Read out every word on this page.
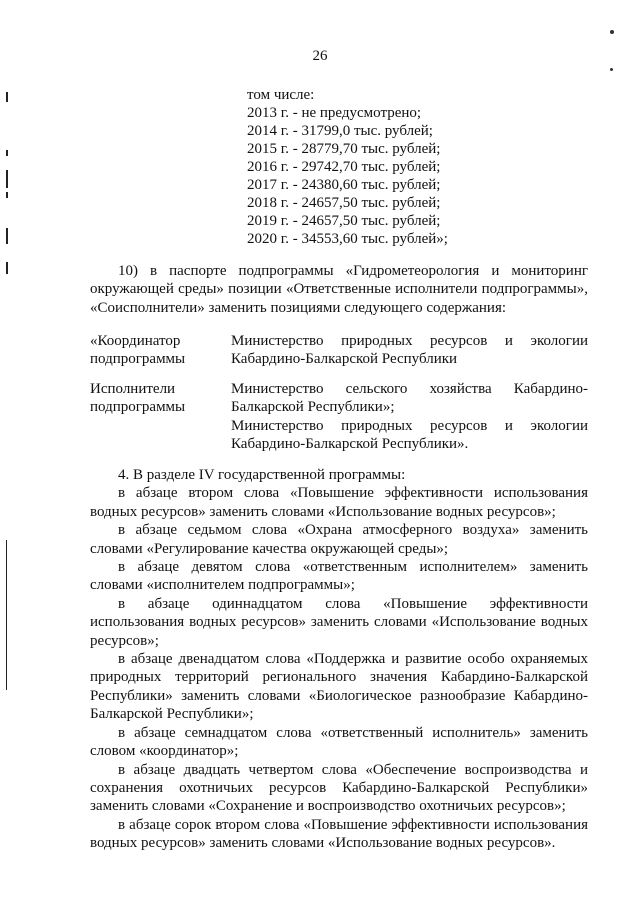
26
том числе:
2013 г. - не предусмотрено;
2014 г. - 31799,0 тыс. рублей;
2015 г. - 28779,70 тыс. рублей;
2016 г. - 29742,70 тыс. рублей;
2017 г. - 24380,60 тыс. рублей;
2018 г. - 24657,50 тыс. рублей;
2019 г. - 24657,50 тыс. рублей;
2020 г. - 34553,60 тыс. рублей»;

10) в паспорте подпрограммы «Гидрометеорология и мониторинг окружающей среды» позиции «Ответственные исполнители подпрограммы», «Соисполнители» заменить позициями следующего содержания:

«Координатор подпрограммы
Министерство природных ресурсов и экологии Кабардино-Балкарской Республики
Исполнители подпрограммы
Министерство сельского хозяйства Кабардино-Балкарской Республики»;
Министерство природных ресурсов и экологии Кабардино-Балкарской Республики».

4. В разделе IV государственной программы:

в абзаце втором слова «Повышение эффективности использования водных ресурсов» заменить словами «Использование водных ресурсов»;

в абзаце седьмом слова «Охрана атмосферного воздуха» заменить словами «Регулирование качества окружающей среды»;

в абзаце девятом слова «ответственным исполнителем» заменить словами «исполнителем подпрограммы»;

в абзаце одиннадцатом слова «Повышение эффективности использования водных ресурсов» заменить словами «Использование водных ресурсов»;

в абзаце двенадцатом слова «Поддержка и развитие особо охраняемых природных территорий регионального значения Кабардино-Балкарской Республики» заменить словами «Биологическое разнообразие Кабардино-Балкарской Республики»;

в абзаце семнадцатом слова «ответственный исполнитель» заменить словом «координатор»;

в абзаце двадцать четвертом слова «Обеспечение воспроизводства и сохранения охотничьих ресурсов Кабардино-Балкарской Республики» заменить словами «Сохранение и воспроизводство охотничьих ресурсов»;

в абзаце сорок втором слова «Повышение эффективности использования водных ресурсов» заменить словами «Использование водных ресурсов».
